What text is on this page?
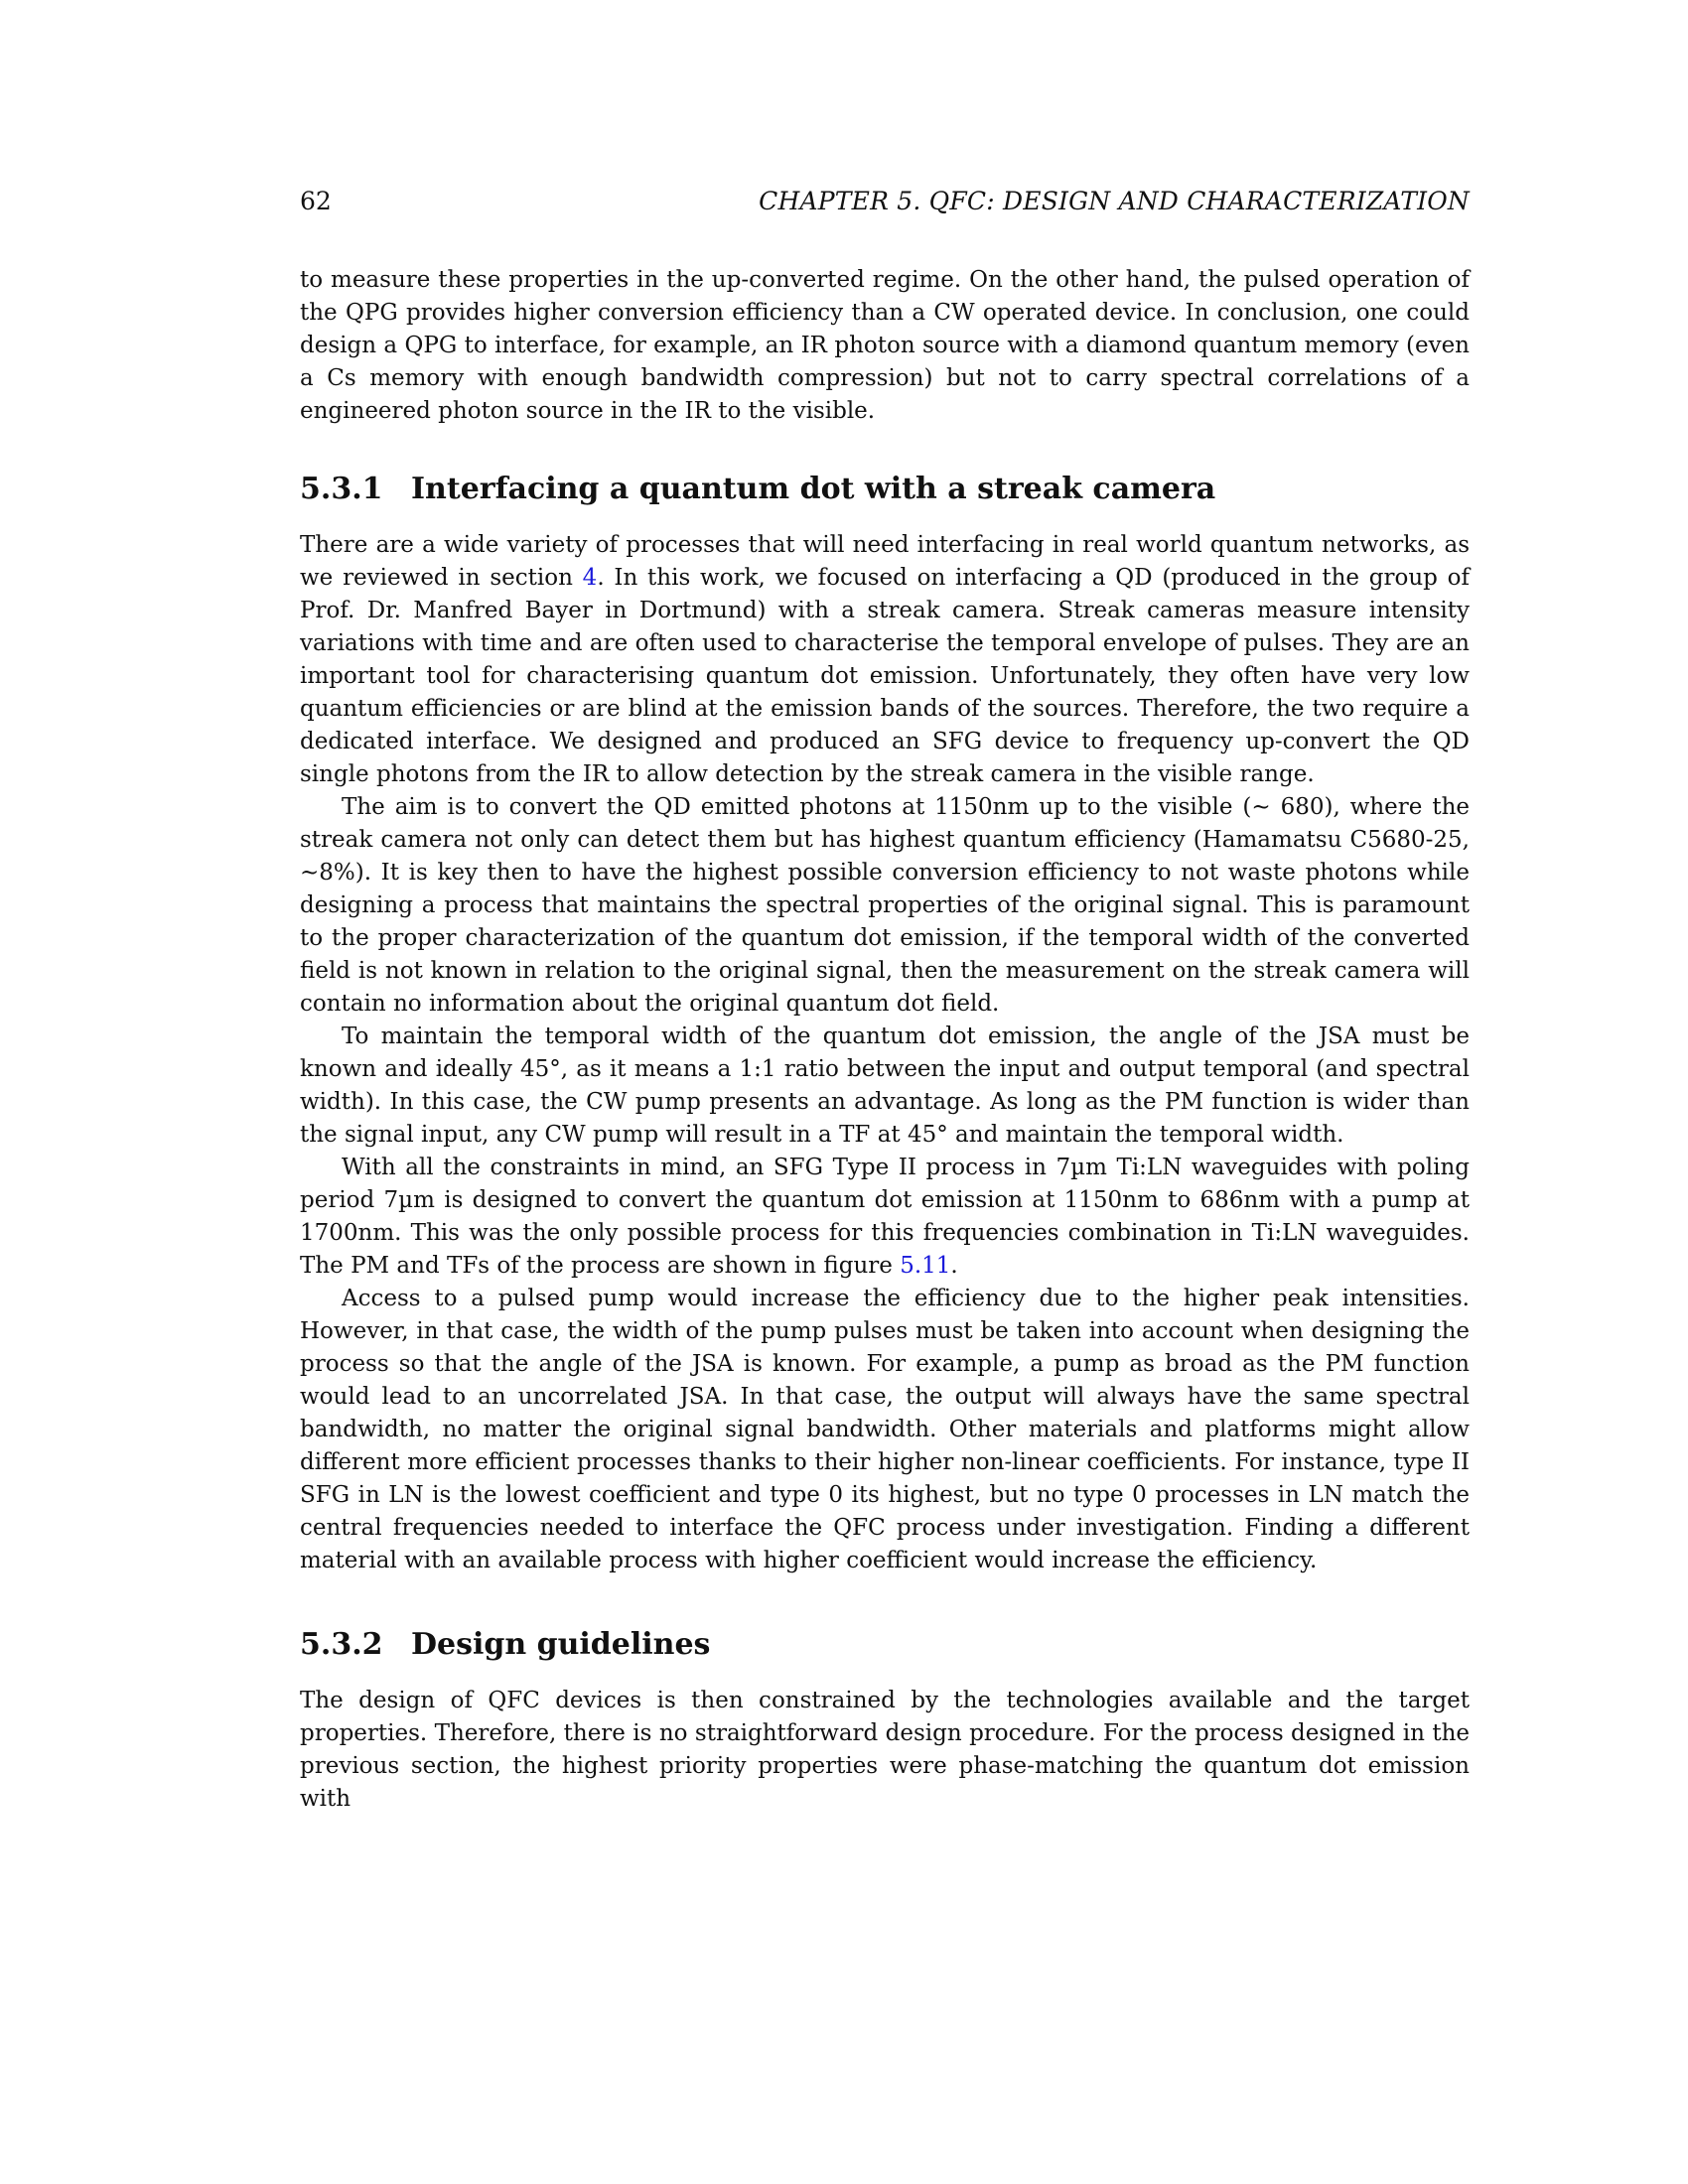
62	CHAPTER 5. QFC: DESIGN AND CHARACTERIZATION

to measure these properties in the up-converted regime. On the other hand, the pulsed operation of the QPG provides higher conversion efficiency than a CW operated device. In conclusion, one could design a QPG to interface, for example, an IR photon source with a diamond quantum memory (even a Cs memory with enough bandwidth compression) but not to carry spectral correlations of a engineered photon source in the IR to the visible.

5.3.1 Interfacing a quantum dot with a streak camera

There are a wide variety of processes that will need interfacing in real world quantum networks, as we reviewed in section 4. In this work, we focused on interfacing a QD (produced in the group of Prof. Dr. Manfred Bayer in Dortmund) with a streak camera. Streak cameras measure intensity variations with time and are often used to characterise the temporal envelope of pulses. They are an important tool for characterising quantum dot emission. Unfortunately, they often have very low quantum efficiencies or are blind at the emission bands of the sources. Therefore, the two require a dedicated interface. We designed and produced an SFG device to frequency up-convert the QD single photons from the IR to allow detection by the streak camera in the visible range.

The aim is to convert the QD emitted photons at 1150nm up to the visible (∼ 680), where the streak camera not only can detect them but has highest quantum efficiency (Hamamatsu C5680-25, ∼8%). It is key then to have the highest possible conversion efficiency to not waste photons while designing a process that maintains the spectral properties of the original signal. This is paramount to the proper characterization of the quantum dot emission, if the temporal width of the converted field is not known in relation to the original signal, then the measurement on the streak camera will contain no information about the original quantum dot field.

To maintain the temporal width of the quantum dot emission, the angle of the JSA must be known and ideally 45°, as it means a 1:1 ratio between the input and output temporal (and spectral width). In this case, the CW pump presents an advantage. As long as the PM function is wider than the signal input, any CW pump will result in a TF at 45° and maintain the temporal width.

With all the constraints in mind, an SFG Type II process in 7µm Ti:LN waveguides with poling period 7µm is designed to convert the quantum dot emission at 1150nm to 686nm with a pump at 1700nm. This was the only possible process for this frequencies combination in Ti:LN waveguides. The PM and TFs of the process are shown in figure 5.11.

Access to a pulsed pump would increase the efficiency due to the higher peak intensities. However, in that case, the width of the pump pulses must be taken into account when designing the process so that the angle of the JSA is known. For example, a pump as broad as the PM function would lead to an uncorrelated JSA. In that case, the output will always have the same spectral bandwidth, no matter the original signal bandwidth. Other materials and platforms might allow different more efficient processes thanks to their higher non-linear coefficients. For instance, type II SFG in LN is the lowest coefficient and type 0 its highest, but no type 0 processes in LN match the central frequencies needed to interface the QFC process under investigation. Finding a different material with an available process with higher coefficient would increase the efficiency.

5.3.2 Design guidelines

The design of QFC devices is then constrained by the technologies available and the target properties. Therefore, there is no straightforward design procedure. For the process designed in the previous section, the highest priority properties were phase-matching the quantum dot emission with
